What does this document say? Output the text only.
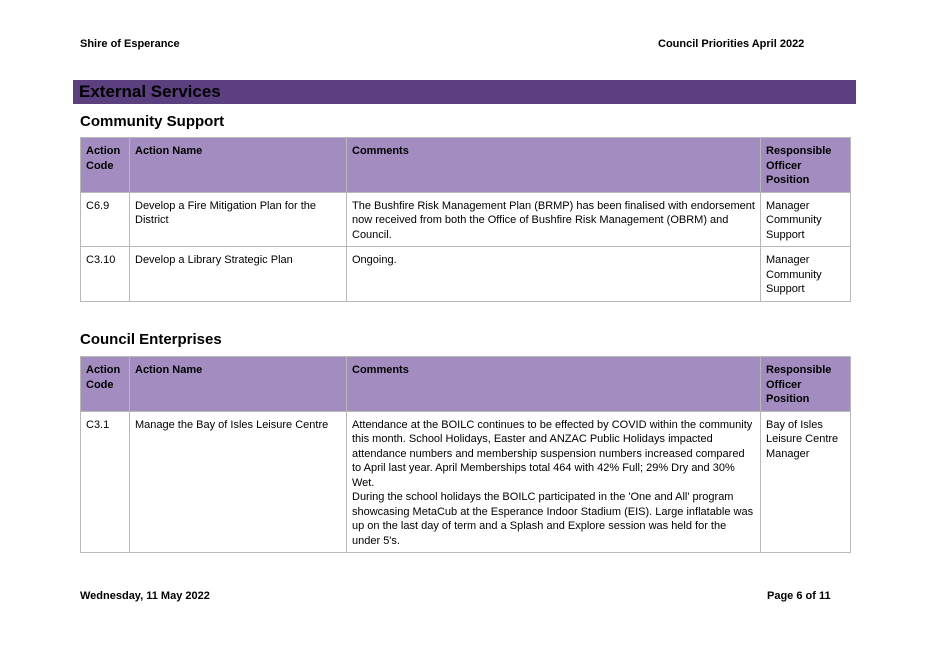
Shire of Esperance	Council Priorities April 2022
External Services
Community Support
Action Code	Action Name	Comments	Responsible Officer Position
C6.9	Develop a Fire Mitigation Plan for the District	The Bushfire Risk Management Plan (BRMP) has been finalised with endorsement now received from both the Office of Bushfire Risk Management (OBRM) and Council.	Manager Community Support
C3.10	Develop a Library Strategic Plan	Ongoing.	Manager Community Support
Council Enterprises
Action Code	Action Name	Comments	Responsible Officer Position
C3.1	Manage the Bay of Isles Leisure Centre	Attendance at the BOILC continues to be effected by COVID within the community this month. School Holidays, Easter and ANZAC Public Holidays impacted attendance numbers and membership suspension numbers increased compared to April last year. April Memberships total 464 with 42% Full; 29% Dry and 30% Wet.
During the school holidays the BOILC participated in the 'One and All' program showcasing MetaCub at the Esperance Indoor Stadium (EIS). Large inflatable was up on the last day of term and a Splash and Explore session was held for the under 5's.	Bay of Isles Leisure Centre Manager
Wednesday, 11 May 2022	Page 6 of 11
